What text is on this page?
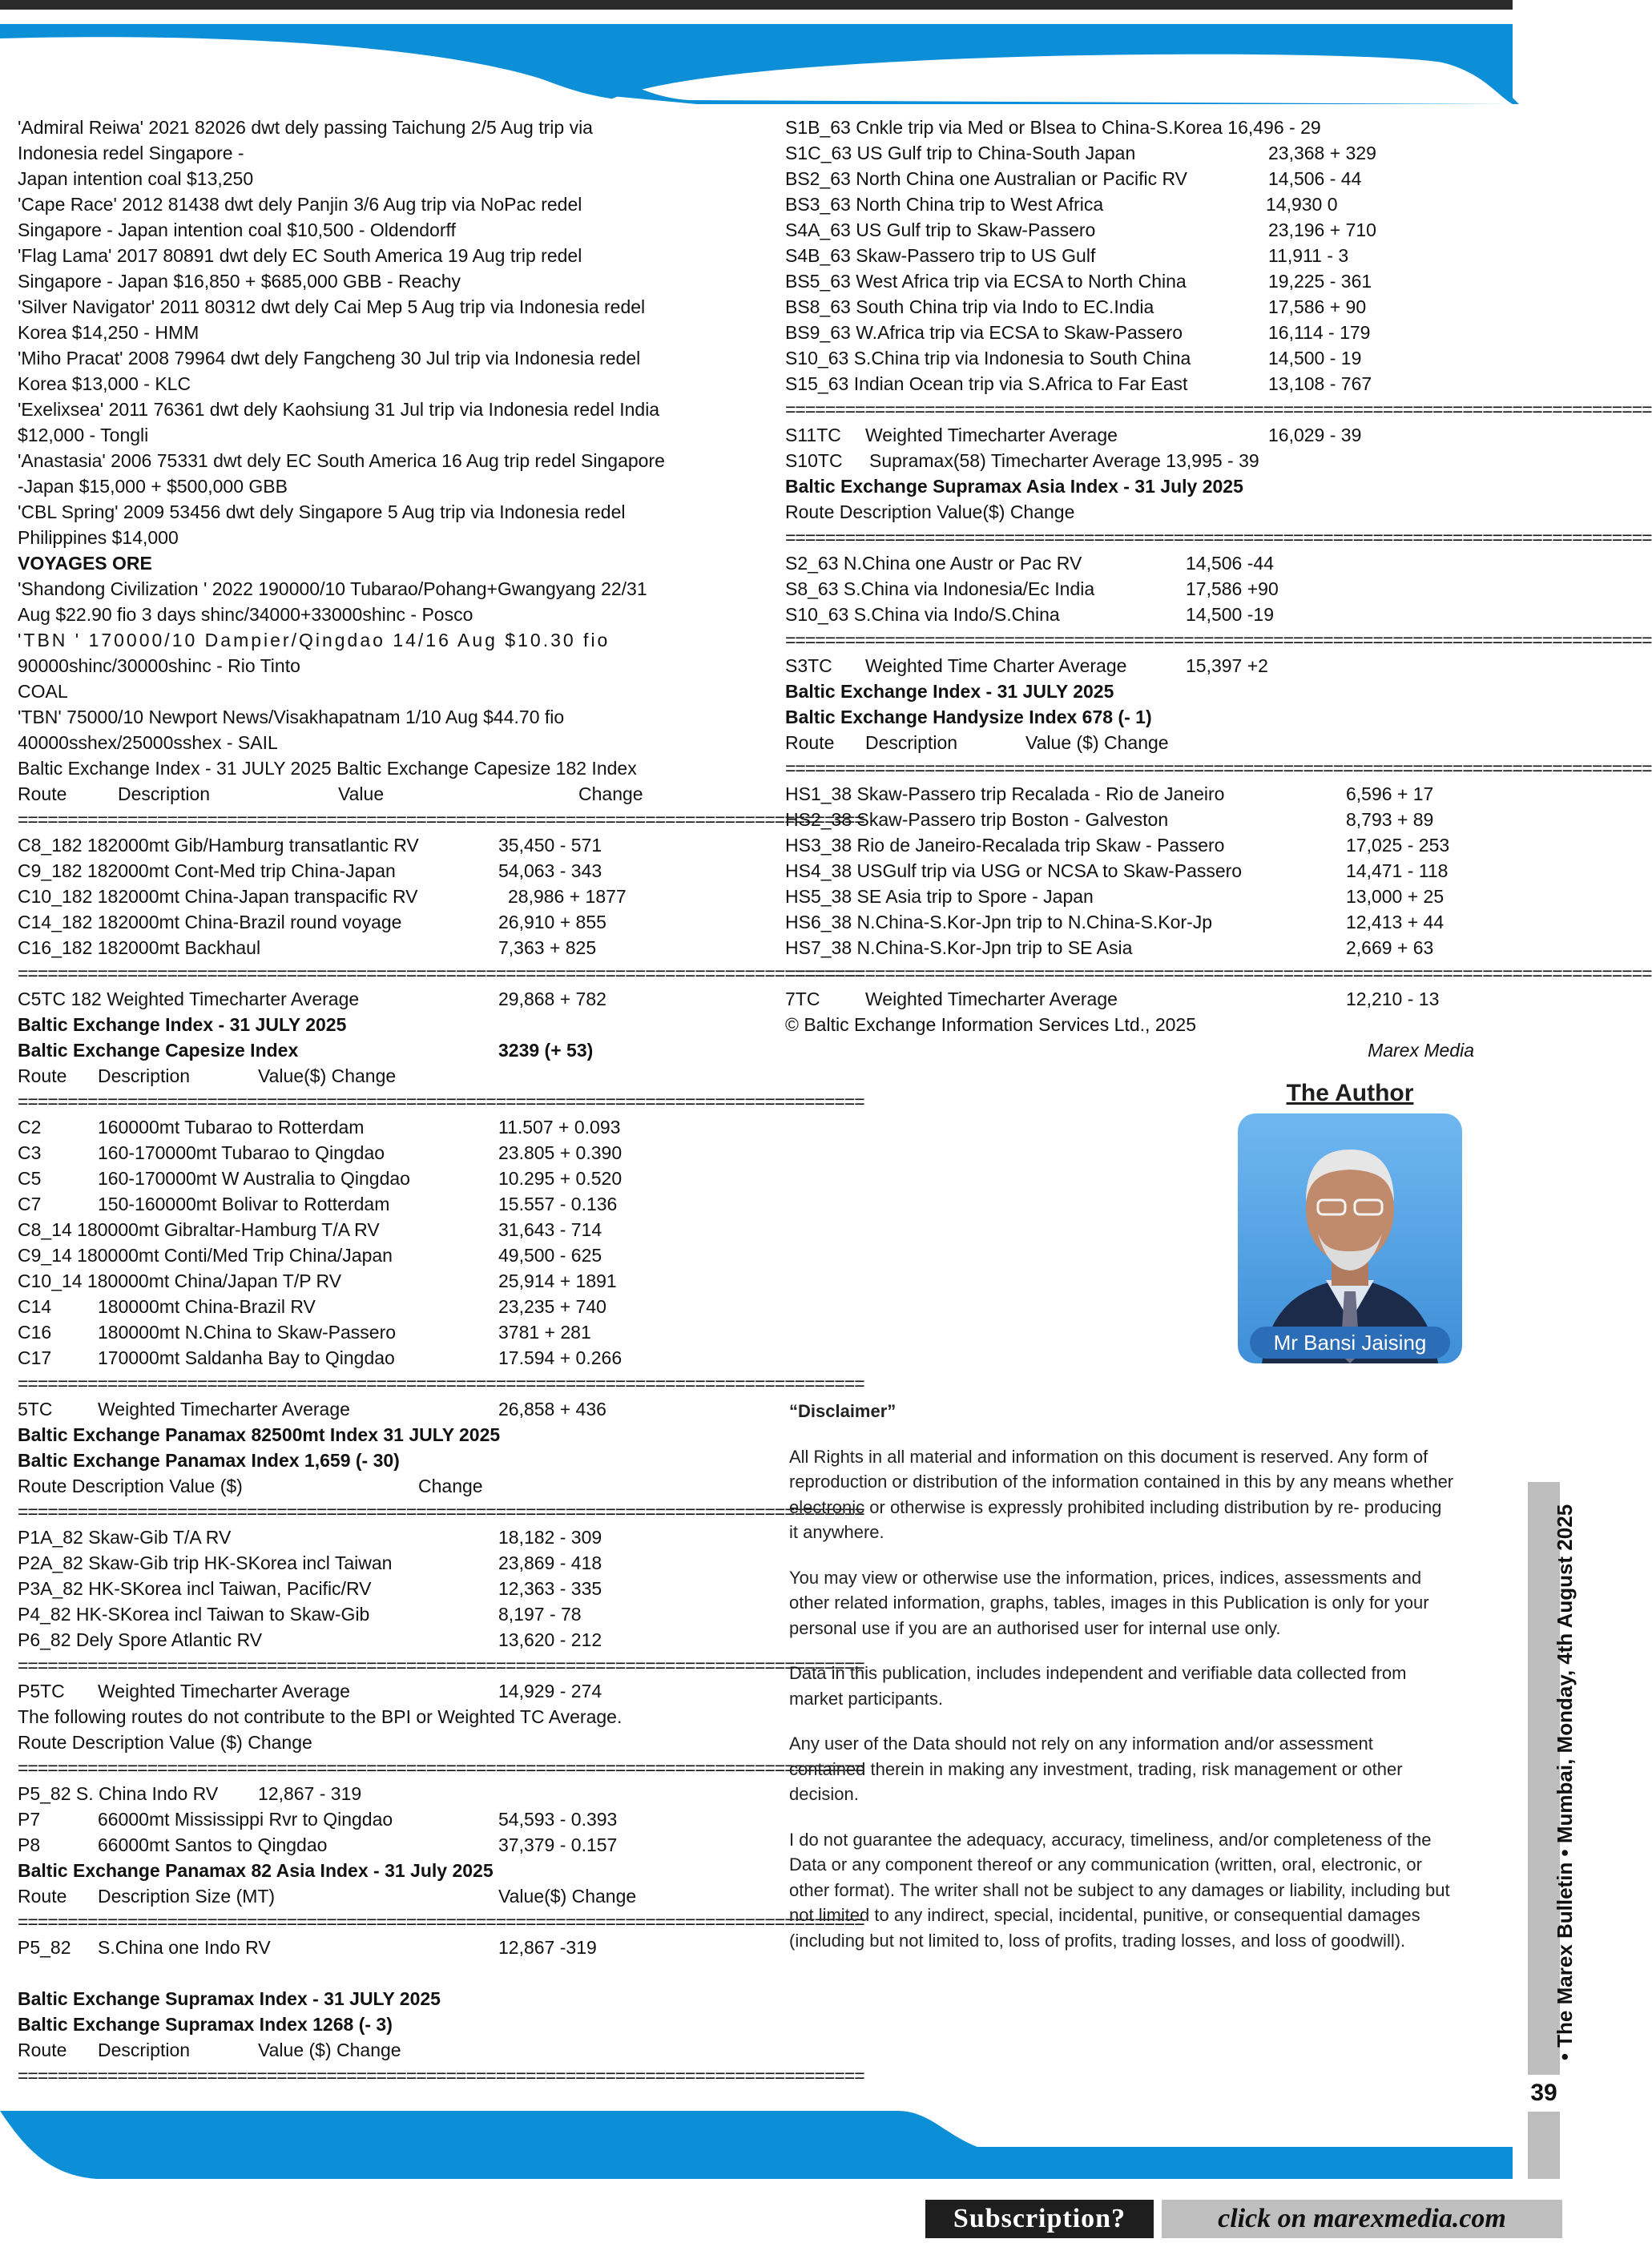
'Admiral Reiwa' 2021 82026 dwt dely passing Taichung 2/5 Aug trip via
Indonesia redel Singapore -
Japan intention coal $13,250
'Cape Race' 2012 81438 dwt dely Panjin 3/6 Aug trip via NoPac redel
Singapore - Japan intention coal $10,500 - Oldendorff
'Flag Lama' 2017 80891 dwt dely EC South America 19 Aug trip redel
Singapore - Japan $16,850 + $685,000 GBB - Reachy
'Silver Navigator' 2011 80312 dwt dely Cai Mep 5 Aug trip via Indonesia redel
Korea $14,250 - HMM
'Miho Pracat' 2008 79964 dwt dely Fangcheng 30 Jul trip via Indonesia redel
Korea $13,000 - KLC
'Exelixsea' 2011 76361 dwt dely Kaohsiung 31 Jul trip via Indonesia redel India
$12,000 - Tongli
'Anastasia' 2006 75331 dwt dely EC South America 16 Aug trip redel Singapore
-Japan $15,000 + $500,000 GBB
'CBL Spring' 2009 53456 dwt dely Singapore 5 Aug trip via Indonesia redel
Philippines $14,000
VOYAGES ORE
'Shandong Civilization ' 2022 190000/10 Tubarao/Pohang+Gwangyang 22/31
Aug $22.90 fio 3 days shinc/34000+33000shinc - Posco
'TBN ' 170000/10 Dampier/Qingdao 14/16 Aug $10.30 fio
90000shinc/30000shinc - Rio Tinto
COAL
'TBN' 75000/10 Newport News/Visakhapatnam 1/10 Aug $44.70 fio
40000sshex/25000sshex - SAIL
Baltic Exchange Index - 31 JULY 2025 Baltic Exchange Capesize 182 Index
Route	Description	Value	Change
=====================================================================================
C8_182 182000mt Gib/Hamburg transatlantic RV	35,450 - 571
C9_182 182000mt Cont-Med trip China-Japan	54,063 - 343
C10_182 182000mt China-Japan transpacific RV	28,986 + 1877
C14_182 182000mt China-Brazil round voyage	26,910 + 855
C16_182 182000mt Backhaul	7,363 + 825
=====================================================================================
C5TC 182 Weighted Timecharter Average	29,868 + 782
Baltic Exchange Index - 31 JULY 2025
Baltic Exchange Capesize Index	3239 (+ 53)
Route Description	Value($) Change
=====================================================================================
C2	160000mt Tubarao to Rotterdam	11.507 + 0.093
C3	160-170000mt Tubarao to Qingdao	23.805 + 0.390
C5	160-170000mt W Australia to Qingdao	10.295 + 0.520
C7	150-160000mt Bolivar to Rotterdam	15.557 - 0.136
C8_14 180000mt Gibraltar-Hamburg T/A RV	31,643 - 714
C9_14 180000mt Conti/Med Trip China/Japan	49,500 - 625
C10_14 180000mt China/Japan T/P RV	25,914 + 1891
C14	180000mt China-Brazil RV	23,235 + 740
C16	180000mt N.China to Skaw-Passero	3781 + 281
C17	170000mt Saldanha Bay to Qingdao	17.594 + 0.266
=====================================================================================
5TC Weighted Timecharter Average	26,858 + 436
Baltic Exchange Panamax 82500mt Index 31 JULY 2025
Baltic Exchange Panamax Index 1,659 (- 30)
Route Description Value ($)	Change
=====================================================================================
P1A_82 Skaw-Gib T/A RV	18,182 - 309
P2A_82 Skaw-Gib trip HK-SKorea incl Taiwan	23,869 - 418
P3A_82 HK-SKorea incl Taiwan, Pacific/RV	12,363 - 335
P4_82 HK-SKorea incl Taiwan to Skaw-Gib	8,197 - 78
P6_82 Dely Spore Atlantic RV	13,620 - 212
=====================================================================================
P5TC Weighted Timecharter Average	14,929 - 274
The following routes do not contribute to the BPI or Weighted TC Average.
Route Description Value ($) Change
=====================================================================================
P5_82 S. China Indo RV 12,867 - 319
P7	66000mt Mississippi Rvr to Qingdao	54,593 - 0.393
P8	66000mt Santos to Qingdao	37,379 - 0.157
Baltic Exchange Panamax 82 Asia Index - 31 July 2025
Route Description Size (MT)	Value($) Change
=====================================================================================
P5_82 S.China one Indo RV	12,867 -319
Baltic Exchange Supramax Index - 31 JULY 2025
Baltic Exchange Supramax Index 1268 (- 3)
Route Description	Value ($) Change
=====================================================================================
S1B_63 Cnkle trip via Med or Blsea to China-S.Korea 16,496 - 29
S1C_63 US Gulf trip to China-South Japan	23,368 + 329
BS2_63 North China one Australian or Pacific RV	14,506 - 44
BS3_63 North China trip to West Africa	14,930 0
S4A_63 US Gulf trip to Skaw-Passero	23,196 + 710
S4B_63 Skaw-Passero trip to US Gulf	11,911 - 3
BS5_63 West Africa trip via ECSA to North China	19,225 - 361
BS8_63 South China trip via Indo to EC.India	17,586 + 90
BS9_63 W.Africa trip via ECSA to Skaw-Passero	16,114 - 179
S10_63 S.China trip via Indonesia to South China	14,500 - 19
S15_63 Indian Ocean trip via S.Africa to Far East	13,108 - 767
=======================================================================================
S11TC Weighted Timecharter Average	16,029 - 39
S10TC Supramax(58) Timecharter Average 13,995 - 39
Baltic Exchange Supramax Asia Index - 31 July 2025
Route Description Value($) Change
=======================================================================================
S2_63 N.China one Austr or Pac RV	14,506 -44
S8_63 S.China via Indonesia/Ec India	17,586 +90
S10_63 S.China via Indo/S.China	14,500 -19
=======================================================================================
S3TC Weighted Time Charter Average	15,397 +2
Baltic Exchange Index - 31 JULY 2025
Baltic Exchange Handysize Index 678 (- 1)
Route Description	Value ($) Change
=======================================================================================
HS1_38 Skaw-Passero trip Recalada - Rio de Janeiro	6,596 + 17
HS2_38 Skaw-Passero trip Boston - Galveston	8,793 + 89
HS3_38 Rio de Janeiro-Recalada trip Skaw - Passero	17,025 - 253
HS4_38 USGulf trip via USG or NCSA to Skaw-Passero	14,471 - 118
HS5_38 SE Asia trip to Spore - Japan	13,000 + 25
HS6_38 N.China-S.Kor-Jpn trip to N.China-S.Kor-Jp	12,413 + 44
HS7_38 N.China-S.Kor-Jpn trip to SE Asia	2,669 + 63
=======================================================================================
7TC Weighted Timecharter Average	12,210 - 13
© Baltic Exchange Information Services Ltd., 2025
Marex Media
The Author
Mr Bansi Jaising

“Disclaimer”

All Rights in all material and information on this document is reserved. Any form of reproduction or distribution of the information contained in this by any means whether electronic or otherwise is expressly prohibited including distribution by re- producing it anywhere.

You may view or otherwise use the information, prices, indices, assessments and other related information, graphs, tables, images in this Publication is only for your personal use if you are an authorised user for internal use only.

Data in this publication, includes independent and verifiable data collected from market participants.

Any user of the Data should not rely on any information and/or assessment contained therein in making any investment, trading, risk management or other decision.

I do not guarantee the adequacy, accuracy, timeliness, and/or completeness of the Data or any component thereof or any communication (written, oral, electronic, or other format). The writer shall not be subject to any damages or liability, including but not limited to any indirect, special, incidental, punitive, or consequential damages (including but not limited to, loss of profits, trading losses, and loss of goodwill).	• The Marex Bulletin • Mumbai, Monday, 4th August 2025
39
Subscription?	click on marexmedia.com
